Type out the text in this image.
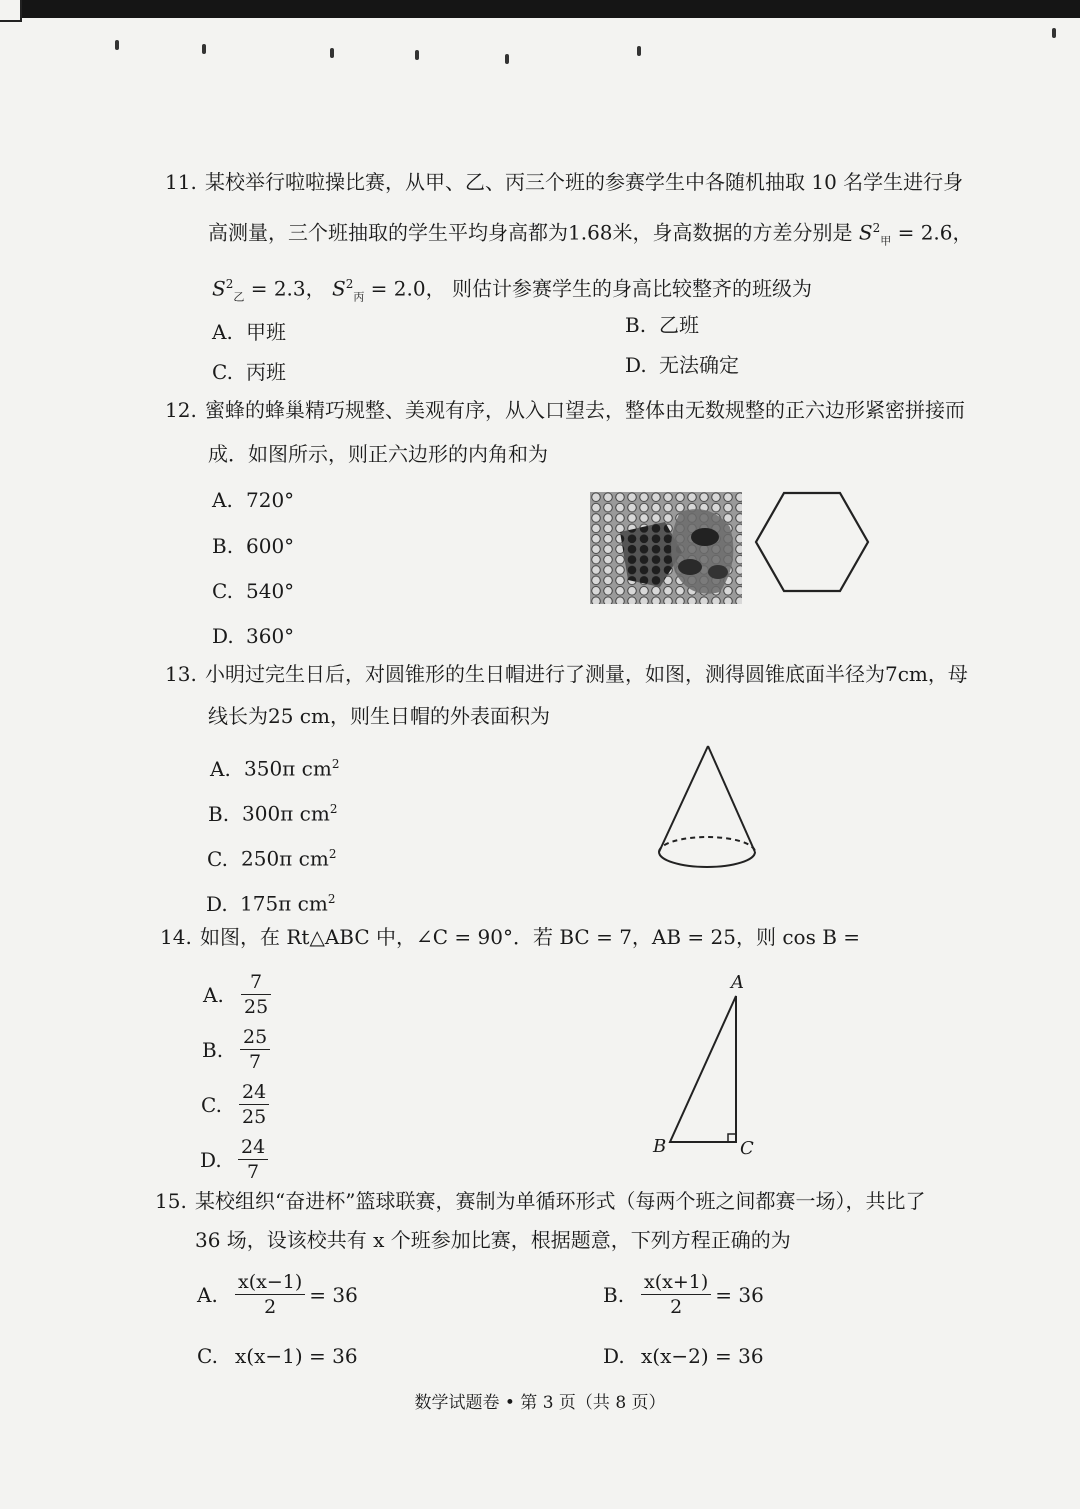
11. 某校举行啦啦操比赛，从甲、乙、丙三个班的参赛学生中各随机抽取 10 名学生进行身
高测量，三个班抽取的学生平均身高都为1.68米，身高数据的方差分别是 $S^2_甲 = 2.6$，
$S^2_乙 = 2.3$， $S^2_丙 = 2.0$， 则估计参赛学生的身高比较整齐的班级为
A. 甲班	B. 乙班
C. 丙班	D. 无法确定
12. 蜜蜂的蜂巢精巧规整、美观有序，从入口望去，整体由无数规整的正六边形紧密拼接而
成．如图所示，则正六边形的内角和为
A. 720°
B. 600°
C. 540°
D. 360°
13. 小明过完生日后，对圆锥形的生日帽进行了测量，如图，测得圆锥底面半径为7cm，母
线长为25 cm，则生日帽的外表面积为
A. 350π $cm^2$
B. 300π $cm^2$
C. 250π $cm^2$
D. 175π $cm^2$
14. 如图，在 Rt△ABC 中，∠C = 90°．若 BC = 7，AB = 25，则 cos B =
A. $\frac{7}{25}$
B. $\frac{25}{7}$
C. $\frac{24}{25}$
D. $\frac{24}{7}$
A
B	C
15. 某校组织“奋进杯”篮球联赛，赛制为单循环形式（每两个班之间都赛一场），共比了
36 场，设该校共有 x 个班参加比赛，根据题意，下列方程正确的为
A. $\frac{x(x-1)}{2} = 36$	B. $\frac{x(x+1)}{2} = 36$
C. x(x−1) = 36	D. x(x−2) = 36
数学试题卷 • 第 3 页（共 8 页）
